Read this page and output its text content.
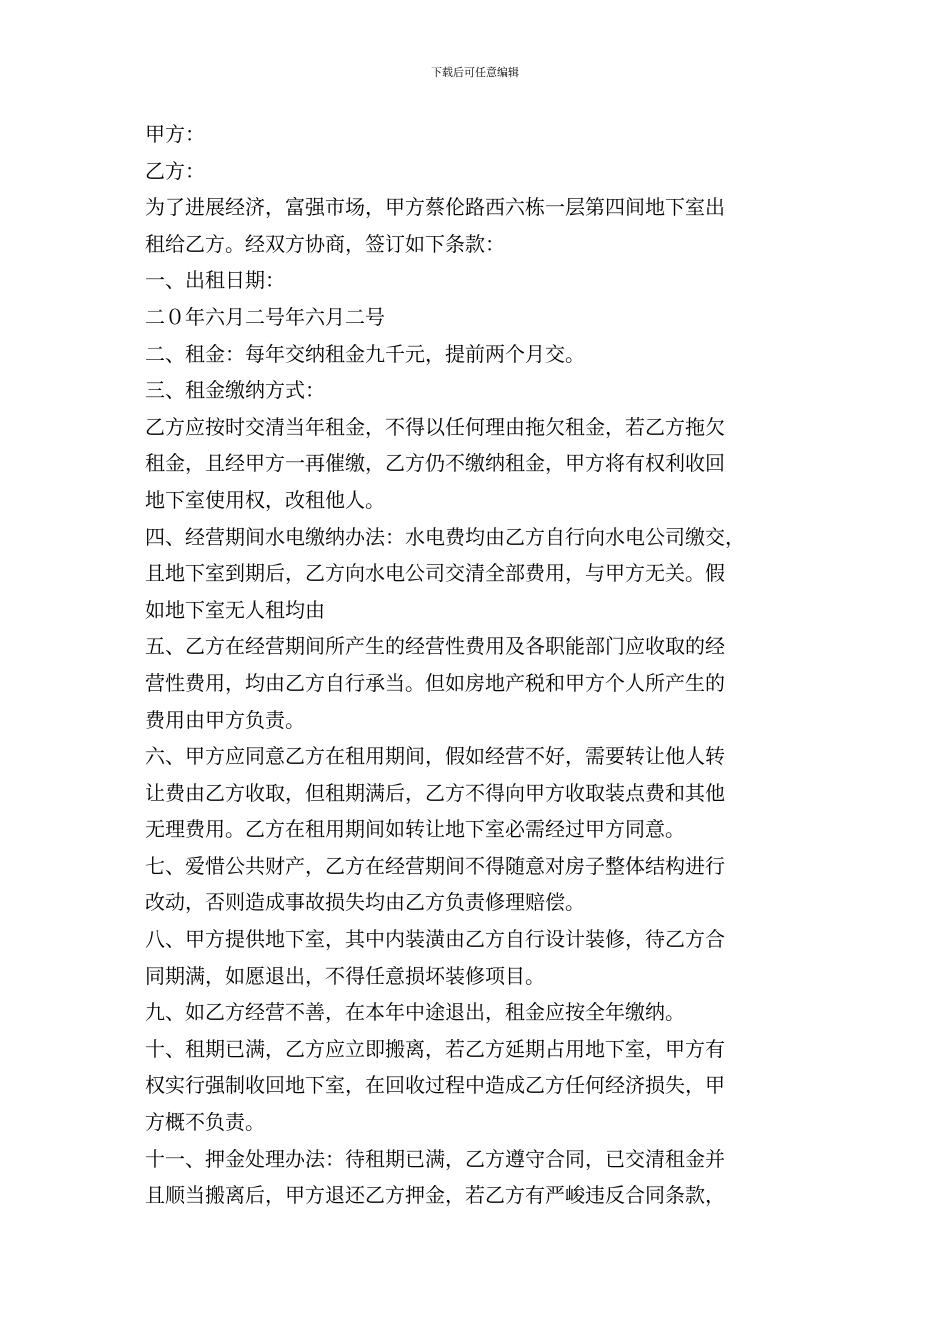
下载后可任意编辑
甲方：
乙方：
为了进展经济，富强市场，甲方蔡伦路西六栋一层第四间地下室出
租给乙方。经双方协商，签订如下条款：
一、出租日期：
二０年六月二号年六月二号
二、租金：每年交纳租金九千元，提前两个月交。
三、租金缴纳方式：
乙方应按时交清当年租金，不得以任何理由拖欠租金，若乙方拖欠
租金，且经甲方一再催缴，乙方仍不缴纳租金，甲方将有权利收回
地下室使用权，改租他人。
四、经营期间水电缴纳办法：水电费均由乙方自行向水电公司缴交，
且地下室到期后，乙方向水电公司交清全部费用，与甲方无关。假
如地下室无人租均由
五、乙方在经营期间所产生的经营性费用及各职能部门应收取的经
营性费用，均由乙方自行承当。但如房地产税和甲方个人所产生的
费用由甲方负责。
六、甲方应同意乙方在租用期间，假如经营不好，需要转让他人转
让费由乙方收取，但租期满后，乙方不得向甲方收取装点费和其他
无理费用。乙方在租用期间如转让地下室必需经过甲方同意。
七、爱惜公共财产，乙方在经营期间不得随意对房子整体结构进行
改动，否则造成事故损失均由乙方负责修理赔偿。
八、甲方提供地下室，其中内装潢由乙方自行设计装修，待乙方合
同期满，如愿退出，不得任意损坏装修项目。
九、如乙方经营不善，在本年中途退出，租金应按全年缴纳。
十、租期已满，乙方应立即搬离，若乙方延期占用地下室，甲方有
权实行强制收回地下室，在回收过程中造成乙方任何经济损失，甲
方概不负责。
十一、押金处理办法：待租期已满，乙方遵守合同，已交清租金并
且顺当搬离后，甲方退还乙方押金，若乙方有严峻违反合同条款，
